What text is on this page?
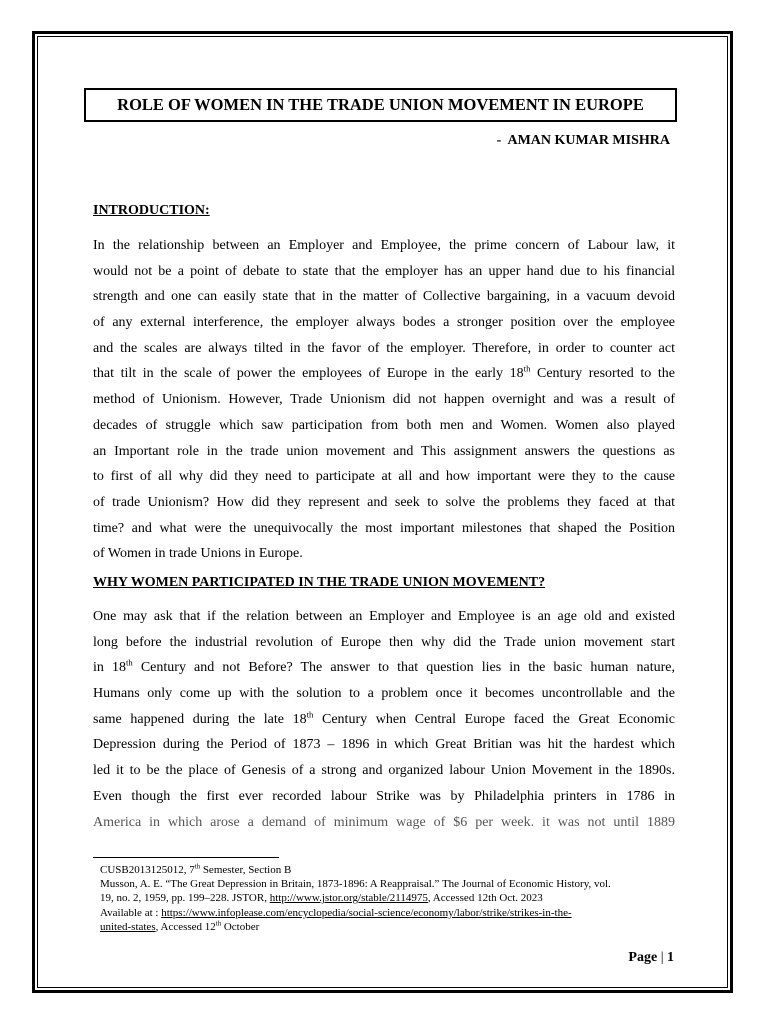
ROLE OF WOMEN IN THE TRADE UNION MOVEMENT IN EUROPE
-  AMAN KUMAR MISHRA
INTRODUCTION:
In the relationship between an Employer and Employee, the prime concern of Labour law, it
would not be a point of debate to state that the employer has an upper hand due to his financial
strength and one can easily state that in the matter of Collective bargaining, in a vacuum devoid
of any external interference, the employer always bodes a stronger position over the employee
and the scales are always tilted in the favor of the employer. Therefore, in order to counter act
that tilt in the scale of power the employees of Europe in the early 18th Century resorted to the
method of Unionism. However, Trade Unionism did not happen overnight and was a result of
decades of struggle which saw participation from both men and Women. Women also played
an Important role in the trade union movement and This assignment answers the questions as
to first of all why did they need to participate at all and how important were they to the cause
of trade Unionism? How did they represent and seek to solve the problems they faced at that
time? and what were the unequivocally the most important milestones that shaped the Position
of Women in trade Unions in Europe.
WHY WOMEN PARTICIPATED IN THE TRADE UNION MOVEMENT?
One may ask that if the relation between an Employer and Employee is an age old and existed
long before the industrial revolution of Europe then why did the Trade union movement start
in 18th Century and not Before? The answer to that question lies in the basic human nature,
Humans only come up with the solution to a problem once it becomes uncontrollable and the
same happened during the late 18th Century when Central Europe faced the Great Economic
Depression during the Period of 1873 – 1896 in which Great Britian was hit the hardest which
led it to be the place of Genesis of a strong and organized labour Union Movement in the 1890s.
Even though the first ever recorded labour Strike was by Philadelphia printers in 1786 in
America in which arose a demand of minimum wage of $6 per week. it was not until 1889
CUSB2013125012, 7th Semester, Section B
Musson, A. E. “The Great Depression in Britain, 1873-1896: A Reappraisal.” The Journal of Economic History, vol.
19, no. 2, 1959, pp. 199–228. JSTOR, http://www.jstor.org/stable/2114975, Accessed 12th Oct. 2023
Available at : https://www.infoplease.com/encyclopedia/social-science/economy/labor/strike/strikes-in-the-
united-states, Accessed 12th October
Page | 1
